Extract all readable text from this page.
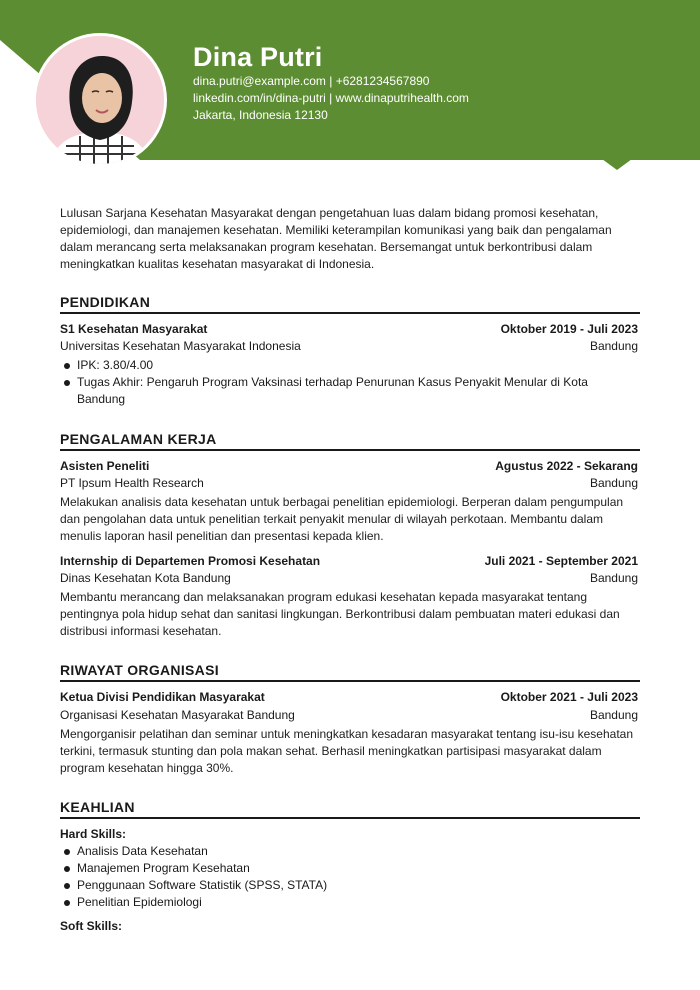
Dina Putri
dina.putri@example.com | +6281234567890
linkedin.com/in/dina-putri | www.dinaputrihealth.com
Jakarta, Indonesia 12130
Lulusan Sarjana Kesehatan Masyarakat dengan pengetahuan luas dalam bidang promosi kesehatan, epidemiologi, dan manajemen kesehatan. Memiliki keterampilan komunikasi yang baik dan pengalaman dalam merancang serta melaksanakan program kesehatan. Bersemangat untuk berkontribusi dalam meningkatkan kualitas kesehatan masyarakat di Indonesia.
PENDIDIKAN
S1 Kesehatan Masyarakat	Oktober 2019 - Juli 2023
Universitas Kesehatan Masyarakat Indonesia	Bandung
IPK: 3.80/4.00
Tugas Akhir: Pengaruh Program Vaksinasi terhadap Penurunan Kasus Penyakit Menular di Kota Bandung
PENGALAMAN KERJA
Asisten Peneliti	Agustus 2022 - Sekarang
PT Ipsum Health Research	Bandung
Melakukan analisis data kesehatan untuk berbagai penelitian epidemiologi. Berperan dalam pengumpulan dan pengolahan data untuk penelitian terkait penyakit menular di wilayah perkotaan. Membantu dalam menulis laporan hasil penelitian dan presentasi kepada klien.
Internship di Departemen Promosi Kesehatan	Juli 2021 - September 2021
Dinas Kesehatan Kota Bandung	Bandung
Membantu merancang dan melaksanakan program edukasi kesehatan kepada masyarakat tentang pentingnya pola hidup sehat dan sanitasi lingkungan. Berkontribusi dalam pembuatan materi edukasi dan distribusi informasi kesehatan.
RIWAYAT ORGANISASI
Ketua Divisi Pendidikan Masyarakat	Oktober 2021 - Juli 2023
Organisasi Kesehatan Masyarakat Bandung	Bandung
Mengorganisir pelatihan dan seminar untuk meningkatkan kesadaran masyarakat tentang isu-isu kesehatan terkini, termasuk stunting dan pola makan sehat. Berhasil meningkatkan partisipasi masyarakat dalam program kesehatan hingga 30%.
KEAHLIAN
Hard Skills:
Analisis Data Kesehatan
Manajemen Program Kesehatan
Penggunaan Software Statistik (SPSS, STATA)
Penelitian Epidemiologi
Soft Skills:
